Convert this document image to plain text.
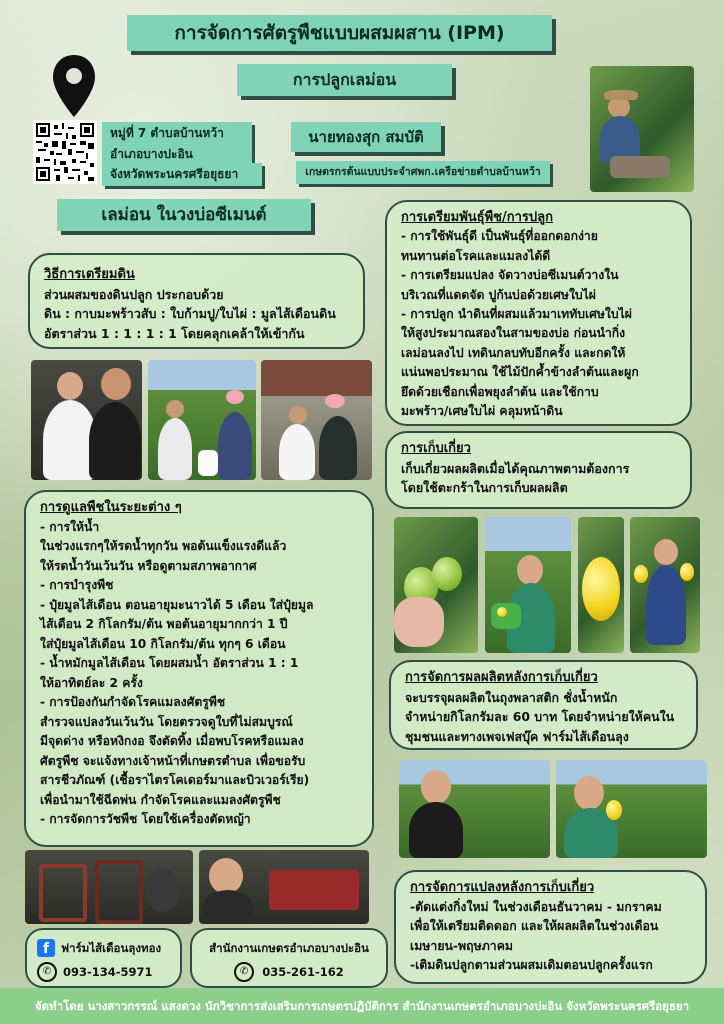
การจัดการศัตรูพืชแบบผสมผสาน (IPM)
การปลูกเลม่อน
หมู่ที่ 7 ตำบลบ้านหว้า
อำเภอบางปะอิน
จังหวัดพระนครศรีอยุธยา
นายทองสุก สมบัติ
เกษตรกรต้นแบบประจำศพก.เครือข่ายตำบลบ้านหว้า
เลม่อน ในวงบ่อซีเมนต์
วิธีการเตรียมดิน

ส่วนผสมของดินปลูก ประกอบด้วย

ดิน : กาบมะพร้าวสับ : ใบก้ามปู/ใบไผ่ : มูลไส้เดือนดิน

อัตราส่วน 1 : 1 : 1 : 1 โดยคลุกเคล้าให้เข้ากัน

การเตรียมพันธุ์พืช/การปลูก

- การใช้พันธุ์ดี เป็นพันธุ์ที่ออกดอกง่าย

ทนทานต่อโรคและแมลงได้ดี

- การเตรียมแปลง จัดวางบ่อซีเมนต์วางใน

บริเวณที่แดดจัด ปูก้นบ่อด้วยเศษใบไผ่

- การปลูก นำดินที่ผสมแล้วมาเททับเศษใบไผ่

ให้สูงประมาณสองในสามของบ่อ ก่อนนำกิ่ง

เลม่อนลงไป เทดินกลบทับอีกครั้ง และกดให้

แน่นพอประมาณ ใช้ไม้ปักค้ำข้างลำต้นและผูก

ยึดด้วยเชือกเพื่อพยุงลำต้น และใช้กาบ

มะพร้าว/เศษใบไผ่ คลุมหน้าดิน

การเก็บเกี่ยว

เก็บเกี่ยวผลผลิตเมื่อได้คุณภาพตามต้องการ

โดยใช้ตะกร้าในการเก็บผลผลิต

การดูแลพืชในระยะต่าง ๆ

- การให้น้ำ

ในช่วงแรกๆให้รดน้ำทุกวัน พอต้นแข็งแรงดีแล้ว

ให้รดน้ำวันเว้นวัน หรือดูตามสภาพอากาศ

- การบำรุงพืช

- ปุ๋ยมูลไส้เดือน ตอนอายุมะนาวได้ 5 เดือน ใส่ปุ๋ยมูล

ไส้เดือน 2 กิโลกรัม/ต้น พอต้นอายุมากกว่า 1 ปี

ใส่ปุ๋ยมูลไส้เดือน 10 กิโลกรัม/ต้น ทุกๆ 6 เดือน

- น้ำหมักมูลไส้เดือน โดยผสมน้ำ อัตราส่วน 1 : 1

ให้อาทิตย์ละ 2 ครั้ง

- การป้องกันกำจัดโรคแมลงศัตรูพืช

สำรวจแปลงวันเว้นวัน โดยตรวจดูใบที่ไม่สมบูรณ์

มีจุดด่าง หรือหงิกงอ จึงตัดทิ้ง เมื่อพบโรคหรือแมลง

ศัตรูพืช จะแจ้งทางเจ้าหน้าที่เกษตรตำบล เพื่อขอรับ

สารชีวภัณฑ์ (เชื้อราไตรโคเดอร์มาและบิวเวอร์เรีย)

เพื่อนำมาใช้ฉีดพ่น กำจัดโรคและแมลงศัตรูพืช

- การจัดการวัชพืช โดยใช้เครื่องตัดหญ้า

การจัดการผลผลิตหลังการเก็บเกี่ยว

จะบรรจุผลผลิตในถุงพลาสติก ชั่งน้ำหนัก

จำหน่ายกิโลกรัมละ 60 บาท โดยจำหน่ายให้คนใน

ชุมชนและทางเพจเฟสบุ๊ค ฟาร์มไส้เดือนลุง

การจัดการแปลงหลังการเก็บเกี่ยว

-ตัดแต่งกิ่งใหม่ ในช่วงเดือนธันวาคม - มกราคม

เพื่อให้เตรียมติดดอก และให้ผลผลิตในช่วงเดือน

เมษายน-พฤษภาคม

-เติมดินปลูกตามส่วนผสมเดิมตอนปลูกครั้งแรก

f	ฟาร์มไส้เดือนลุงทอง
✆	093-134-5971
สำนักงานเกษตรอำเภอบางปะอิน
✆	035-261-162
จัดทำโดย นางสาวกรรณ์ แสงดวง นักวิชาการส่งเสริมการเกษตรปฏิบัติการ สำนักงานเกษตรอำเภอบางปะอิน จังหวัดพระนครศรีอยุธยา
